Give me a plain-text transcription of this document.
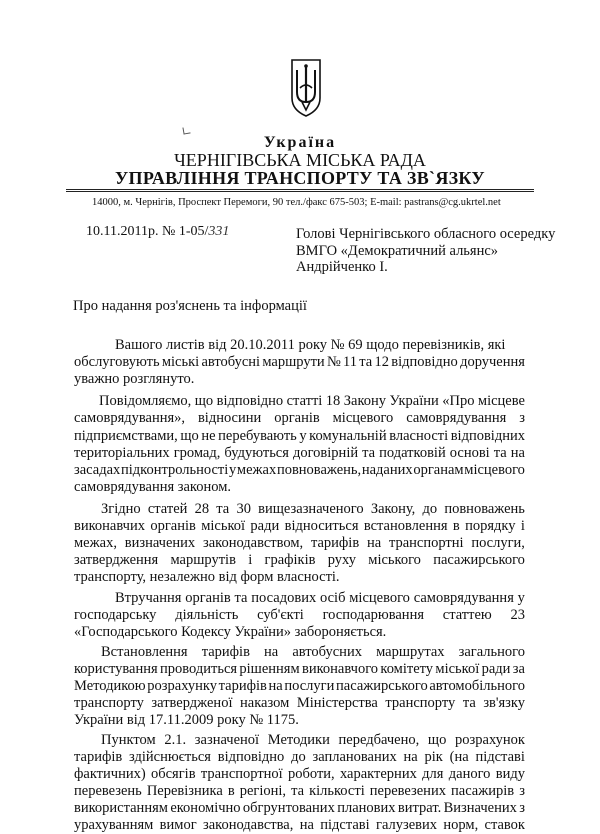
Україна
ЧЕРНІГІВСЬКА МІСЬКА РАДА
УПРАВЛІННЯ ТРАНСПОРТУ ТА ЗВ`ЯЗКУ
14000, м. Чернігів, Проспект Перемоги, 90 тел./факс 675-503; E-mail: pastrans@cg.ukrtel.net
10.11.2011р. № 1-05/331	Голові Чернігівського обласного осередку
ВМГО «Демократичний альянс»
Андрійченко І.
Про надання роз'яснень та інформації
Вашого листів від 20.10.2011 року № 69 щодо перевізників, які
обслуговують міські автобусні маршрути № 11 та 12 відповідно доручення
уважно розглянуто.
Повідомляємо, що відповідно статті 18 Закону України «Про місцеве
самоврядування», відносини органів місцевого самоврядування з
підприємствами, що не перебувають у комунальній власності відповідних
територіальних громад, будуються договірній та податковій основі та на
засадах підконтрольності у межах повноважень, наданих органам місцевого
самоврядування законом.
Згідно статей 28 та 30 вищезазначеного Закону, до повноважень
виконавчих органів міської ради відноситься встановлення в порядку і
межах, визначених законодавством, тарифів на транспортні послуги,
затвердження маршрутів і графіків руху міського пасажирського
транспорту, незалежно від форм власності.
Втручання органів та посадових осіб місцевого самоврядування у
господарську діяльність суб'єкті господарювання статтею 23
«Господарського Кодексу України» забороняється.
Встановлення тарифів на автобусних маршрутах загального
користування проводиться рішенням виконавчого комітету міської ради за
Методикою розрахунку тарифів на послуги пасажирського автомобільного
транспорту затвердженої наказом Міністерства транспорту та зв'язку
України від 17.11.2009 року № 1175.
Пунктом 2.1. зазначеної Методики передбачено, що розрахунок
тарифів здійснюється відповідно до запланованих на рік (на підставі
фактичних) обсягів транспортної роботи, характерних для даного виду
перевезень Перевізника в регіоні, та кількості перевезених пасажирів з
використанням економічно обгрунтованих планових витрат. Визначених з
урахуванням вимог законодавства, на підставі галузевих норм, ставок
